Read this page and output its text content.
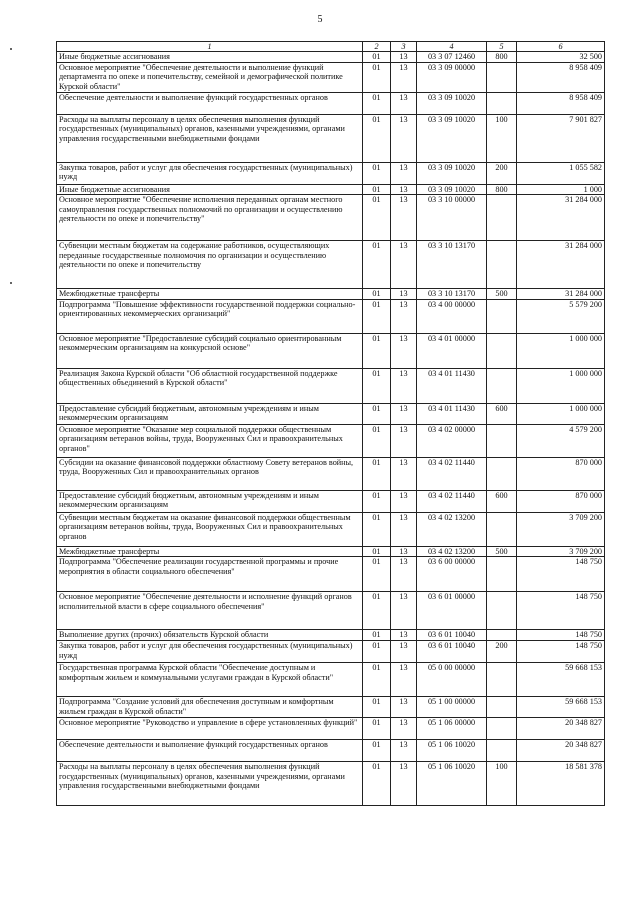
5
1	2	3	4	5	6
Иные бюджетные ассигнования	01	13	03 3 07 12460	800	32 500
Основное мероприятие "Обеспечение деятельности и выполнение функций департамента по опеке и попечительству, семейной и демографической политике Курской области"	01	13	03 3 09 00000		8 958 409
Обеспечение деятельности и выполнение функций государственных органов	01	13	03 3 09 10020		8 958 409
Расходы на выплаты персоналу в целях обеспечения выполнения функций государственных (муниципальных) органов, казенными учреждениями, органами управления государственными внебюджетными фондами	01	13	03 3 09 10020	100	7 901 827
Закупка товаров, работ и услуг для обеспечения государственных (муниципальных) нужд	01	13	03 3 09 10020	200	1 055 582
Иные бюджетные ассигнования	01	13	03 3 09 10020	800	1 000
Основное мероприятие "Обеспечение исполнения переданных органам местного самоуправления государственных полномочий по организации и осуществлению деятельности по опеке и попечительству"	01	13	03 3 10 00000		31 284 000
Субвенции местным бюджетам на содержание работников, осуществляющих переданные государственные полномочия по организации и осуществлению деятельности по опеке и попечительству	01	13	03 3 10 13170		31 284 000
Межбюджетные трансферты	01	13	03 3 10 13170	500	31 284 000
Подпрограмма "Повышение эффективности государственной поддержки социально-ориентированных некоммерческих организаций"	01	13	03 4 00 00000		5 579 200
Основное мероприятие "Предоставление субсидий социально ориентированным некоммерческим организациям на конкурсной основе"	01	13	03 4 01 00000		1 000 000
Реализация Закона Курской области "Об областной государственной поддержке общественных объединений в Курской области"	01	13	03 4 01 11430		1 000 000
Предоставление субсидий бюджетным, автономным учреждениям и иным некоммерческим организациям	01	13	03 4 01 11430	600	1 000 000
Основное мероприятие "Оказание мер социальной поддержки общественным организациям ветеранов войны, труда, Вооруженных Сил и правоохранительных органов"	01	13	03 4 02 00000		4 579 200
Субсидии на оказание финансовой поддержки областному Совету ветеранов войны, труда, Вооруженных Сил и правоохранительных органов	01	13	03 4 02 11440		870 000
Предоставление субсидий бюджетным, автономным учреждениям и иным некоммерческим организациям	01	13	03 4 02 11440	600	870 000
Субвенции местным бюджетам на оказание финансовой поддержки общественным организациям ветеранов войны, труда, Вооруженных Сил и правоохранительных органов	01	13	03 4 02 13200		3 709 200
Межбюджетные трансферты	01	13	03 4 02 13200	500	3 709 200
Подпрограмма "Обеспечение реализации государственной программы и прочие мероприятия в области социального обеспечения"	01	13	03 6 00 00000		148 750
Основное мероприятие "Обеспечение деятельности и исполнение функций органов исполнительной власти в сфере социального обеспечения"	01	13	03 6 01 00000		148 750
Выполнение других (прочих) обязательств Курской области	01	13	03 6 01 10040		148 750
Закупка товаров, работ и услуг для обеспечения государственных (муниципальных) нужд	01	13	03 6 01 10040	200	148 750
Государственная программа Курской области "Обеспечение доступным и комфортным жильем и коммунальными услугами граждан в Курской области"	01	13	05 0 00 00000		59 668 153
Подпрограмма "Создание условий для обеспечения доступным и комфортным жильем граждан в Курской области"	01	13	05 1 00 00000		59 668 153
Основное мероприятие "Руководство и управление в сфере установленных функций"	01	13	05 1 06 00000		20 348 827
Обеспечение деятельности и выполнение функций государственных органов	01	13	05 1 06 10020		20 348 827
Расходы на выплаты персоналу в целях обеспечения выполнения функций государственных (муниципальных) органов, казенными учреждениями, органами управления государственными внебюджетными фондами	01	13	05 1 06 10020	100	18 581 378
